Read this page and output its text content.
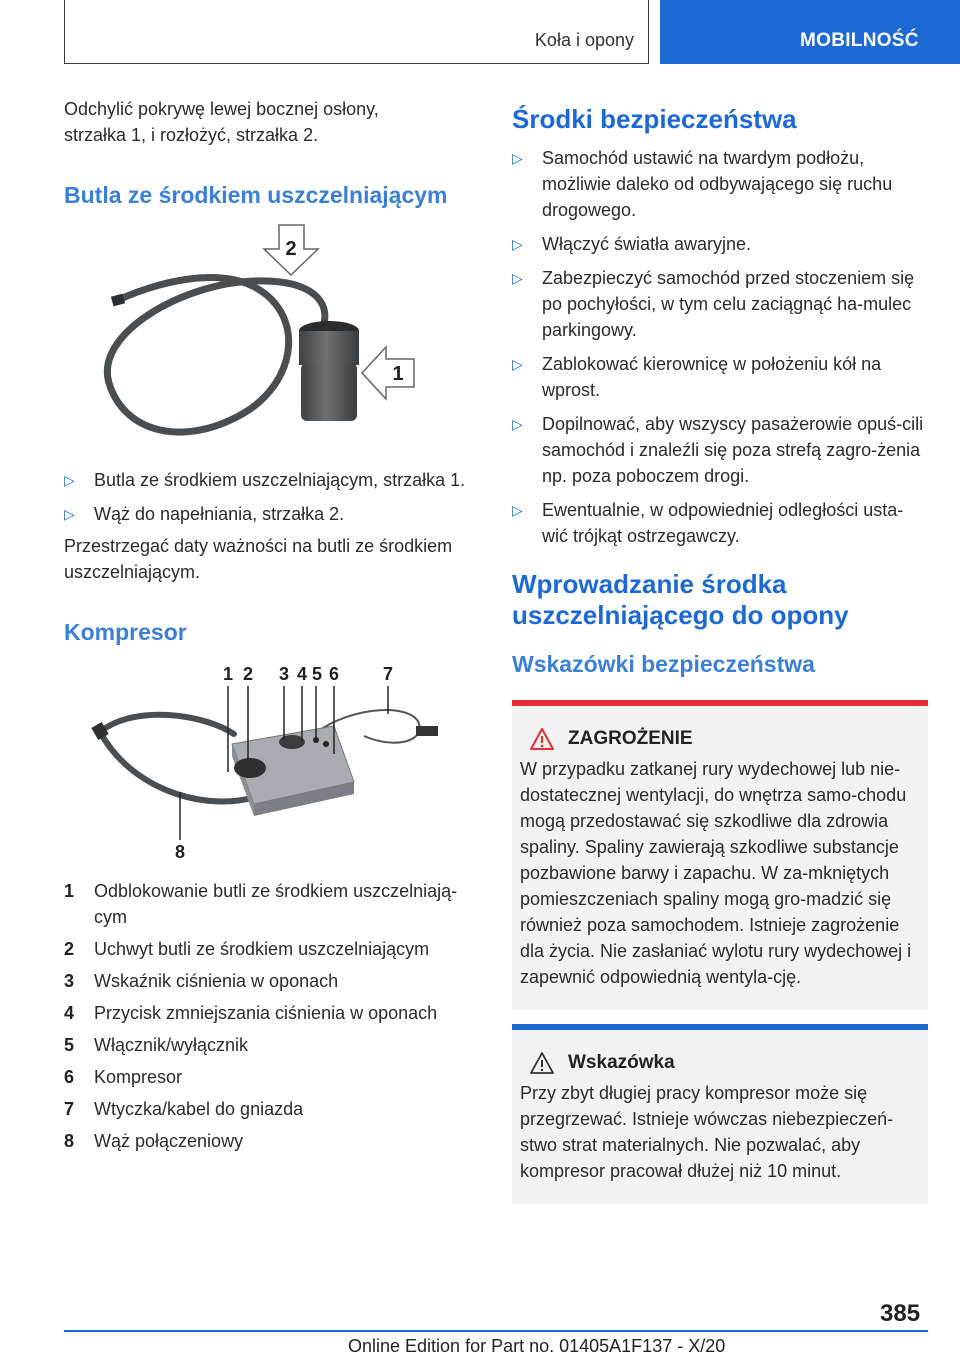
Koła i opony	MOBILNOŚĆ

Odchylić pokrywę lewej bocznej osłony, strzałka 1, i rozłożyć, strzałka 2.

Butla ze środkiem uszczelniającym
2
1
▷ Butla ze środkiem uszczelniającym, strzałka 1.
▷ Wąż do napełniania, strzałka 2.

Przestrzegać daty ważności na butli ze środkiem uszczelniającym.

Kompresor
1 2 3 4 5 6 7
8
1 Odblokowanie butli ze środkiem uszczelniają‐cym
2 Uchwyt butli ze środkiem uszczelniającym
3 Wskaźnik ciśnienia w oponach
4 Przycisk zmniejszania ciśnienia w oponach
5 Włącznik/wyłącznik
6 Kompresor
7 Wtyczka/kabel do gniazda
8 Wąż połączeniowy
Środki bezpieczeństwa
▷ Samochód ustawić na twardym podłożu, możliwie daleko od odbywającego się ruchu drogowego.
▷ Włączyć światła awaryjne.
▷ Zabezpieczyć samochód przed stoczeniem się po pochyłości, w tym celu zaciągnąć ha‐mulec parkingowy.
▷ Zablokować kierownicę w położeniu kół na wprost.
▷ Dopilnować, aby wszyscy pasażerowie opuś‐cili samochód i znaleźli się poza strefą zagro‐żenia np. poza poboczem drogi.
▷ Ewentualnie, w odpowiedniej odległości usta‐wić trójkąt ostrzegawczy.
Wprowadzanie środka uszczelniającego do opony
Wskazówki bezpieczeństwa
ZAGROŻENIE

W przypadku zatkanej rury wydechowej lub nie‐dostatecznej wentylacji, do wnętrza samo‐chodu mogą przedostawać się szkodliwe dla zdrowia spaliny. Spaliny zawierają szkodliwe substancje pozbawione barwy i zapachu. W za‐mkniętych pomieszczeniach spaliny mogą gro‐madzić się również poza samochodem. Istnieje zagrożenie dla życia. Nie zasłaniać wylotu rury wydechowej i zapewnić odpowiednią wentyla‐cję.

Wskazówka

Przy zbyt długiej pracy kompresor może się przegrzewać. Istnieje wówczas niebezpieczeń‐stwo strat materialnych. Nie pozwalać, aby kompresor pracował dłużej niż 10 minut.

385
Online Edition for Part no. 01405A1F137 - X/20
